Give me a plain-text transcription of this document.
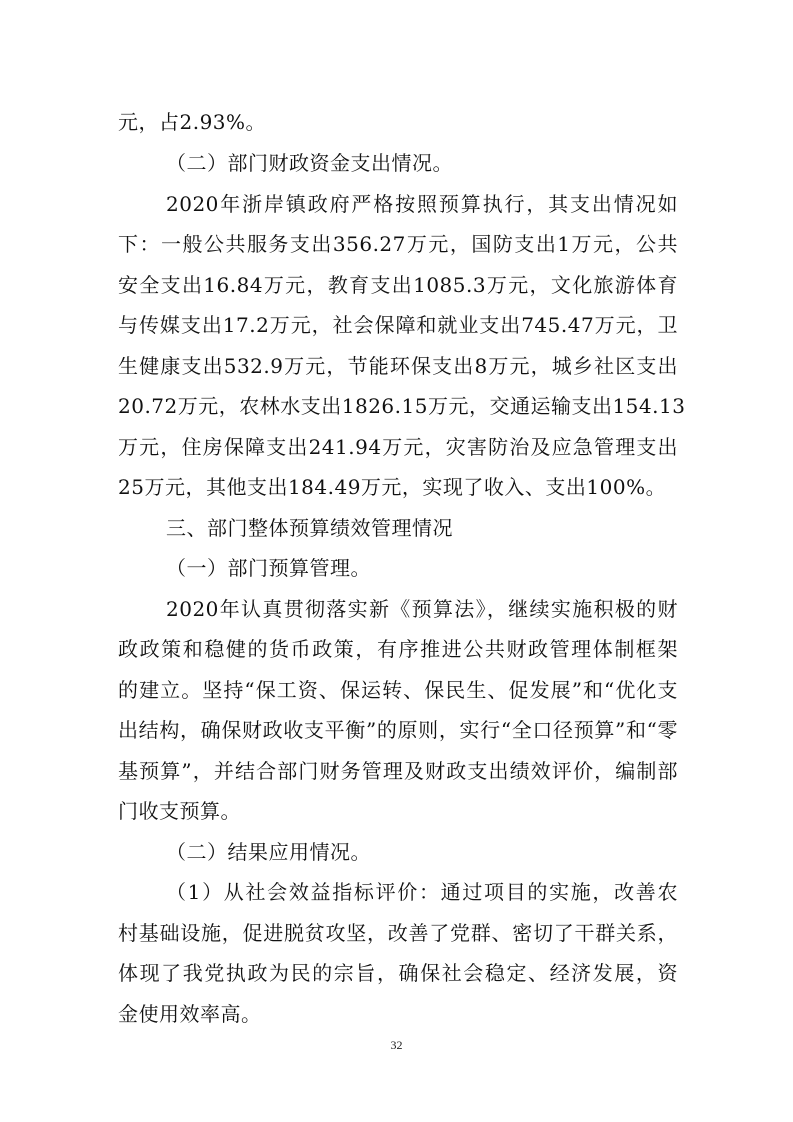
元，占2.93%。

（二）部门财政资金支出情况。

2020年浙岸镇政府严格按照预算执行，其支出情况如

下：一般公共服务支出356.27万元，国防支出1万元，公共

安全支出16.84万元，教育支出1085.3万元，文化旅游体育

与传媒支出17.2万元，社会保障和就业支出745.47万元，卫

生健康支出532.9万元，节能环保支出8万元，城乡社区支出

20.72万元，农林水支出1826.15万元，交通运输支出154.13

万元，住房保障支出241.94万元，灾害防治及应急管理支出

25万元，其他支出184.49万元，实现了收入、支出100%。

三、部门整体预算绩效管理情况

（一）部门预算管理。

2020年认真贯彻落实新《预算法》，继续实施积极的财

政政策和稳健的货币政策，有序推进公共财政管理体制框架

的建立。坚持“保工资、保运转、保民生、促发展”和“优化支

出结构，确保财政收支平衡”的原则，实行“全口径预算”和“零

基预算”，并结合部门财务管理及财政支出绩效评价，编制部

门收支预算。

（二）结果应用情况。

（1）从社会效益指标评价：通过项目的实施，改善农

村基础设施，促进脱贫攻坚，改善了党群、密切了干群关系，

体现了我党执政为民的宗旨，确保社会稳定、经济发展，资

金使用效率高。

32
